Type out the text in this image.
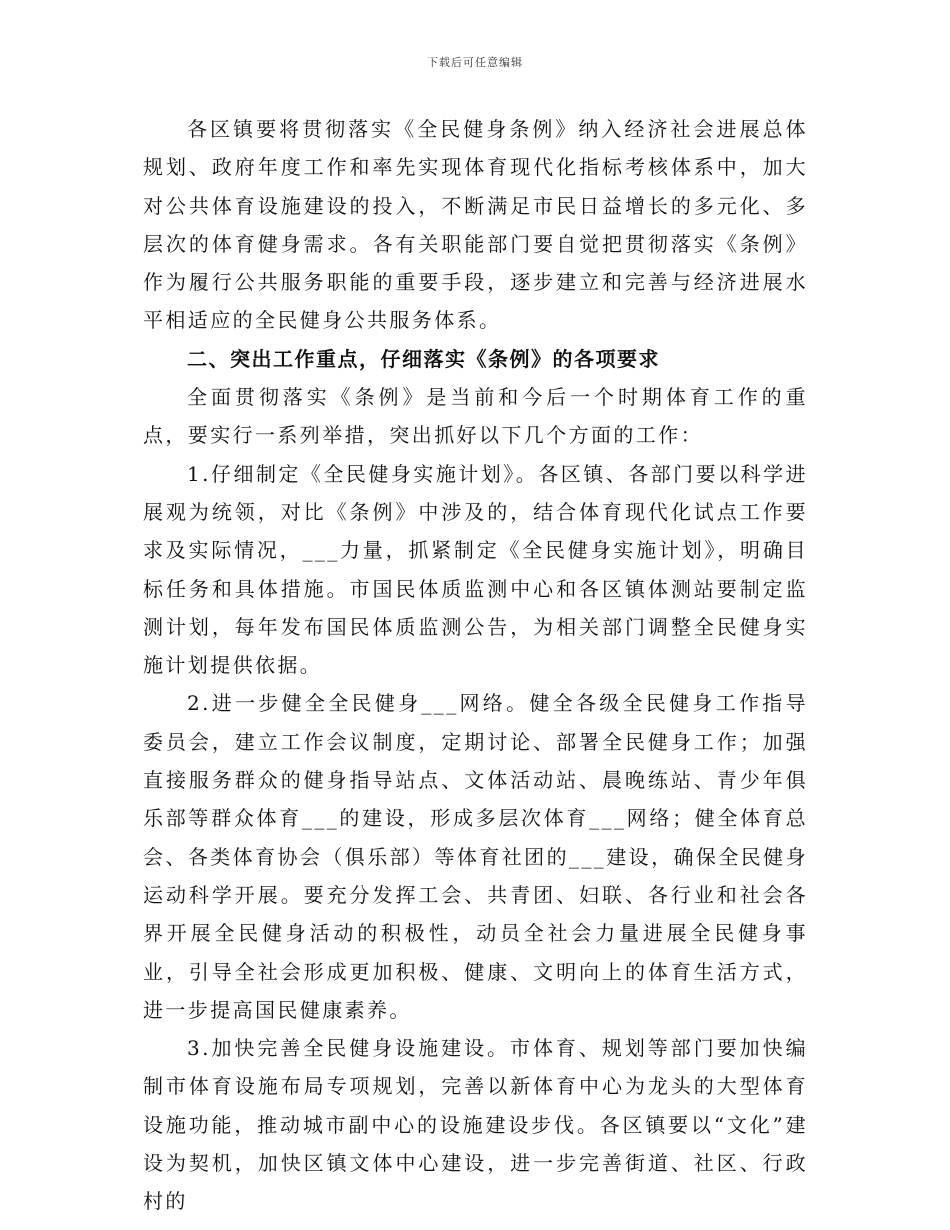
下载后可任意编辑

各区镇要将贯彻落实《全民健身条例》纳入经济社会进展总体规划、政府年度工作和率先实现体育现代化指标考核体系中，加大对公共体育设施建设的投入，不断满足市民日益增长的多元化、多层次的体育健身需求。各有关职能部门要自觉把贯彻落实《条例》作为履行公共服务职能的重要手段，逐步建立和完善与经济进展水平相适应的全民健身公共服务体系。

二、突出工作重点，仔细落实《条例》的各项要求

全面贯彻落实《条例》是当前和今后一个时期体育工作的重点，要实行一系列举措，突出抓好以下几个方面的工作：

1.仔细制定《全民健身实施计划》。各区镇、各部门要以科学进展观为统领，对比《条例》中涉及的，结合体育现代化试点工作要求及实际情况，___力量，抓紧制定《全民健身实施计划》，明确目标任务和具体措施。市国民体质监测中心和各区镇体测站要制定监测计划，每年发布国民体质监测公告，为相关部门调整全民健身实施计划提供依据。

2.进一步健全全民健身___网络。健全各级全民健身工作指导委员会，建立工作会议制度，定期讨论、部署全民健身工作；加强直接服务群众的健身指导站点、文体活动站、晨晚练站、青少年俱乐部等群众体育___的建设，形成多层次体育___网络；健全体育总会、各类体育协会（俱乐部）等体育社团的___建设，确保全民健身运动科学开展。要充分发挥工会、共青团、妇联、各行业和社会各界开展全民健身活动的积极性，动员全社会力量进展全民健身事业，引导全社会形成更加积极、健康、文明向上的体育生活方式，进一步提高国民健康素养。

3.加快完善全民健身设施建设。市体育、规划等部门要加快编制市体育设施布局专项规划，完善以新体育中心为龙头的大型体育设施功能，推动城市副中心的设施建设步伐。各区镇要以“文化”建设为契机，加快区镇文体中心建设，进一步完善街道、社区、行政村的
